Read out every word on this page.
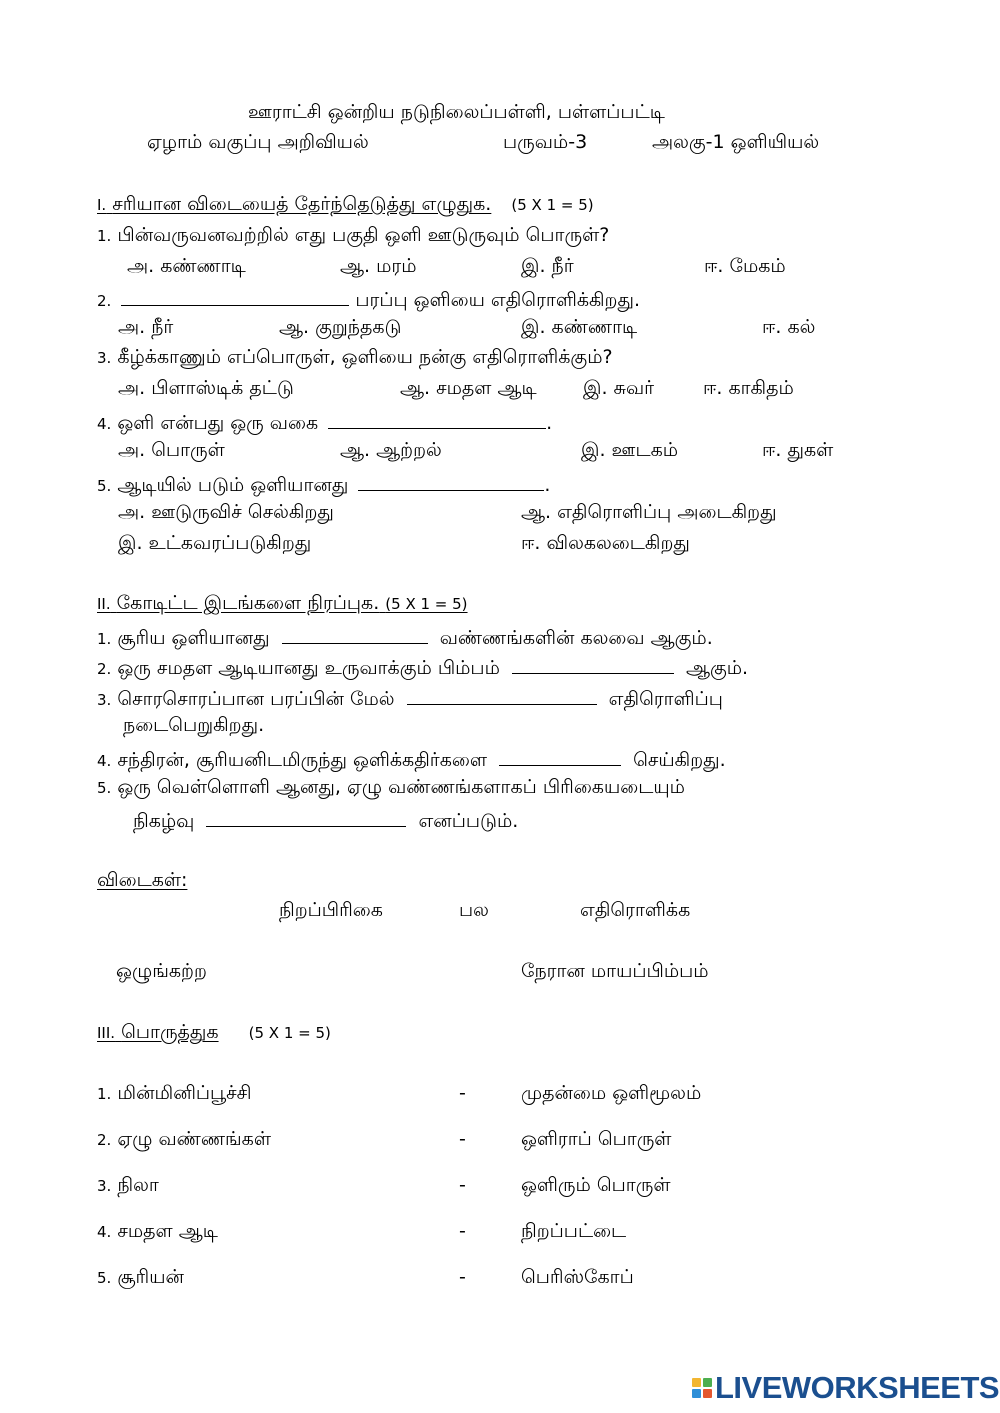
ஊராட்சி ஒன்றிய நடுநிலைப்பள்ளி, பள்ளப்பட்டி
ஏழாம் வகுப்பு அறிவியல்	பருவம்-3	அலகு-1 ஒளியியல்
I. சரியான விடையைத் தேர்ந்தெடுத்து எழுதுக. (5 X 1 = 5)
1. பின்வருவனவற்றில் எது பகுதி ஒளி ஊடுருவும் பொருள்?
அ. கண்ணாடி	ஆ. மரம்	இ. நீர்	ஈ. மேகம்
2.	பரப்பு ஒளியை எதிரொளிக்கிறது.
அ. நீர்	ஆ. குறுந்தகடு	இ. கண்ணாடி	ஈ. கல்
3. கீழ்க்காணும் எப்பொருள், ஒளியை நன்கு எதிரொளிக்கும்?
அ. பிளாஸ்டிக் தட்டு	ஆ. சமதள ஆடி இ. சுவர்	ஈ. காகிதம்
4. ஒளி என்பது ஒரு வகை	.
அ. பொருள்	ஆ. ஆற்றல்	இ. ஊடகம்	ஈ. துகள்
5. ஆடியில் படும் ஒளியானது	.
அ. ஊடுருவிச் செல்கிறது	ஆ. எதிரொளிப்பு அடைகிறது
இ. உட்கவரப்படுகிறது	ஈ. விலகலடைகிறது
II. கோடிட்ட இடங்களை நிரப்புக. (5 X 1 = 5)
1. சூரிய ஒளியானது	வண்ணங்களின் கலவை ஆகும்.
2. ஒரு சமதள ஆடியானது உருவாக்கும் பிம்பம்	ஆகும்.
3. சொரசொரப்பான பரப்பின் மேல்	எதிரொளிப்பு
நடைபெறுகிறது.
4. சந்திரன், சூரியனிடமிருந்து ஒளிக்கதிர்களை	செய்கிறது.
5. ஒரு வெள்ளொளி ஆனது, ஏழு வண்ணங்களாகப் பிரிகையடையும்
நிகழ்வு	எனப்படும்.
விடைகள்:
நிறப்பிரிகை	பல	எதிரொளிக்க
ஒழுங்கற்ற	நேரான மாயப்பிம்பம்
III. பொருத்துக (5 X 1 = 5)
1. மின்மினிப்பூச்சி	-	முதன்மை ஒளிமூலம்
2. ஏழு வண்ணங்கள்	-	ஒளிராப் பொருள்
3. நிலா	-	ஒளிரும் பொருள்
4. சமதள ஆடி	-	நிறப்பட்டை
5. சூரியன்	-	பெரிஸ்கோப்
LIVEWORKSHEETS
